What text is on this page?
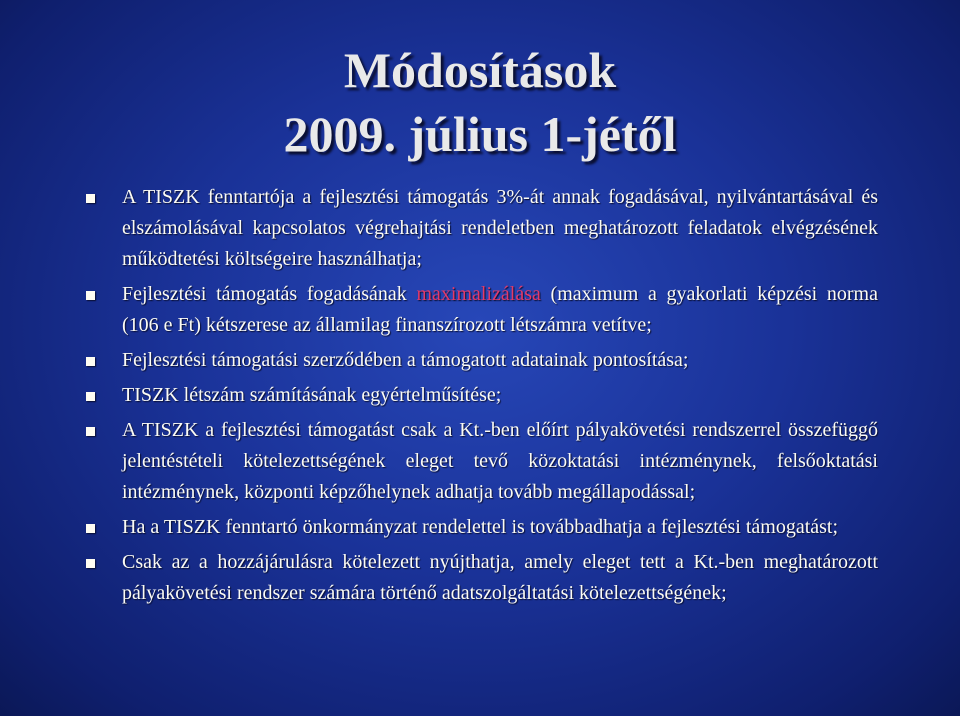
Módosítások
2009. július 1-jétől
A TISZK fenntartója a fejlesztési támogatás 3%-át annak fogadásával, nyilvántartásával és elszámolásával kapcsolatos végrehajtási rendeletben meghatározott feladatok elvégzésének működtetési költségeire használhatja;
Fejlesztési támogatás fogadásának maximalizálása (maximum a gyakorlati képzési norma (106 e Ft) kétszerese az államilag finanszírozott létszámra vetítve;
Fejlesztési támogatási szerződében a támogatott adatainak pontosítása;
TISZK létszám számításának egyértelműsítése;
A TISZK a fejlesztési támogatást csak a Kt.-ben előírt pályakövetési rendszerrel összefüggő jelentéstételi kötelezettségének eleget tevő közoktatási intézménynek, felsőoktatási intézménynek, központi képzőhelynek adhatja tovább megállapodással;
Ha a TISZK fenntartó önkormányzat rendelettel is továbbadhatja a fejlesztési támogatást;
Csak az a hozzájárulásra kötelezett nyújthatja, amely eleget tett a Kt.-ben meghatározott pályakövetési rendszer számára történő adatszolgáltatási kötelezettségének;
